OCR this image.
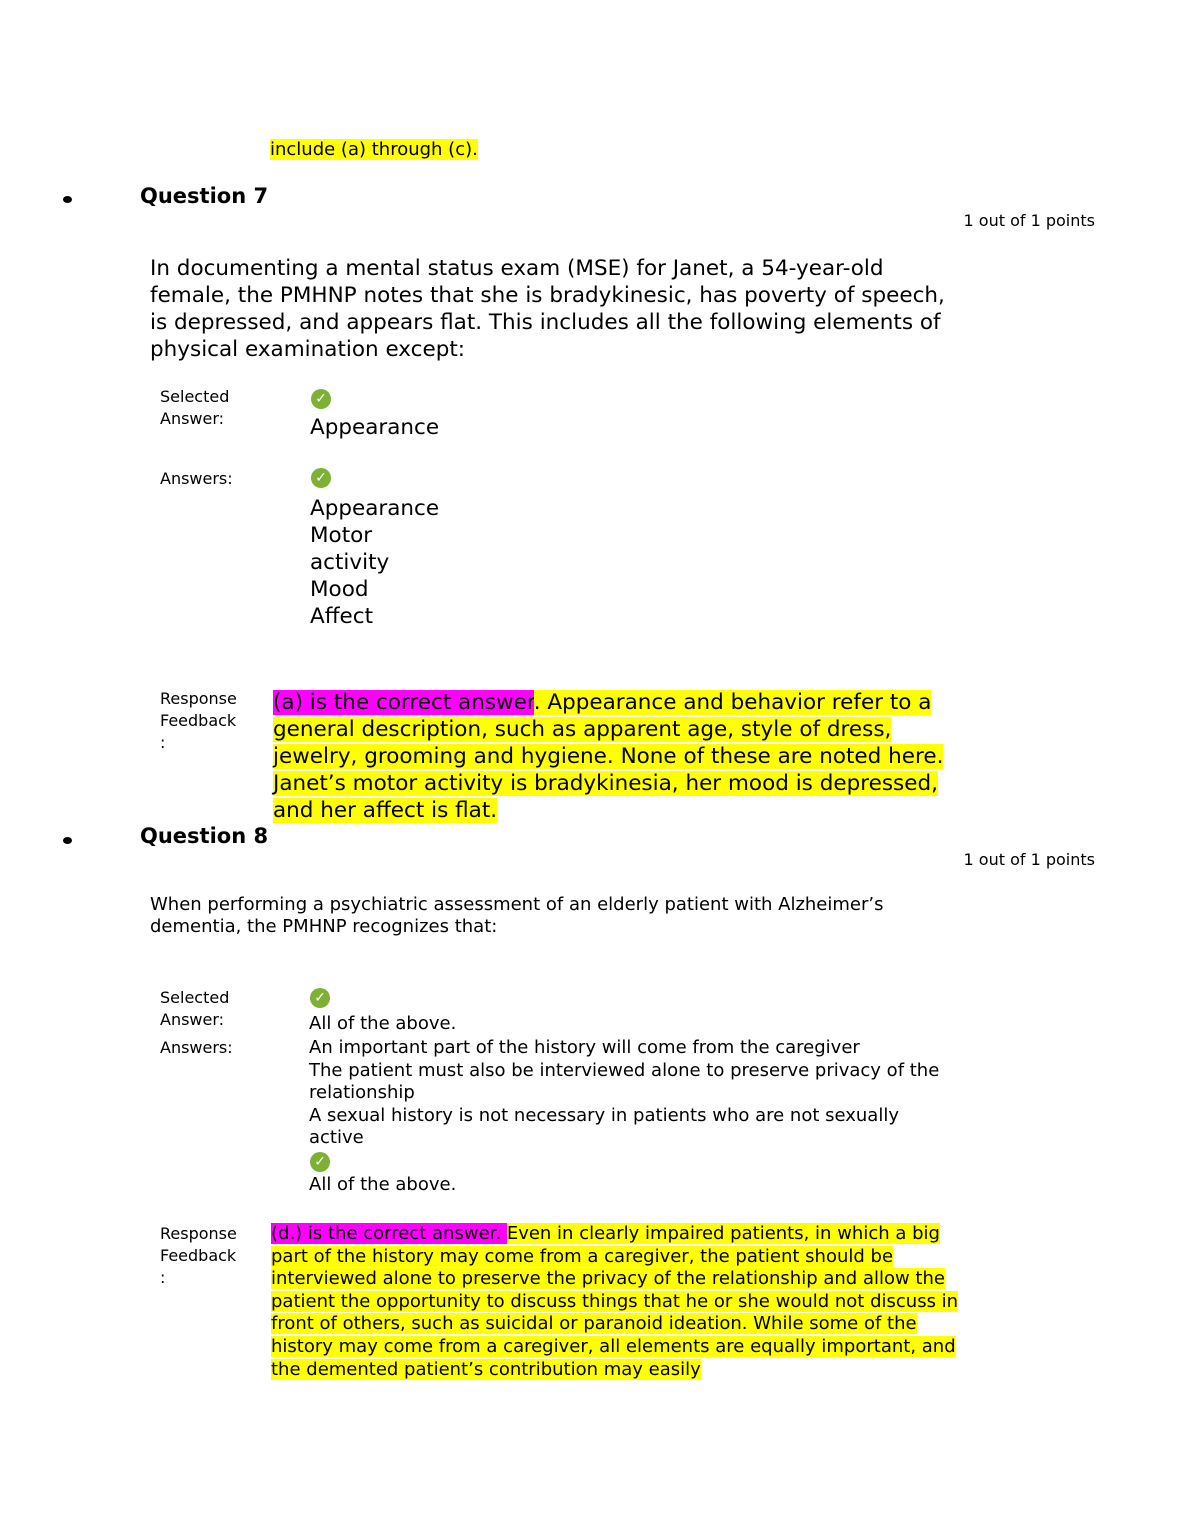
include (a) through (c).
Question 7
1 out of 1 points
In documenting a mental status exam (MSE) for Janet, a 54-year-old female, the PMHNP notes that she is bradykinesic, has poverty of speech, is depressed, and appears flat. This includes all the following elements of physical examination except:
Selected
Answer:
✓
Appearance
Answers:	✓
Appearance
Motor activity
Mood
Affect
Response
Feedback
:
(a) is the correct answer. Appearance and behavior refer to a general description, such as apparent age, style of dress, jewelry, grooming and hygiene. None of these are noted here. Janet’s motor activity is bradykinesia, her mood is depressed, and her affect is flat.
Question 8
1 out of 1 points
When performing a psychiatric assessment of an elderly patient with Alzheimer’s dementia, the PMHNP recognizes that:
Selected
Answer:
✓
All of the above.
Answers:	An important part of the history will come from the caregiver
The patient must also be interviewed alone to preserve privacy of the relationship
A sexual history is not necessary in patients who are not sexually active
✓
All of the above.
Response
Feedback
:
(d.) is the correct answer. Even in clearly impaired patients, in which a big part of the history may come from a caregiver, the patient should be interviewed alone to preserve the privacy of the relationship and allow the patient the opportunity to discuss things that he or she would not discuss in front of others, such as suicidal or paranoid ideation. While some of the history may come from a caregiver, all elements are equally important, and the demented patient’s contribution may easily
